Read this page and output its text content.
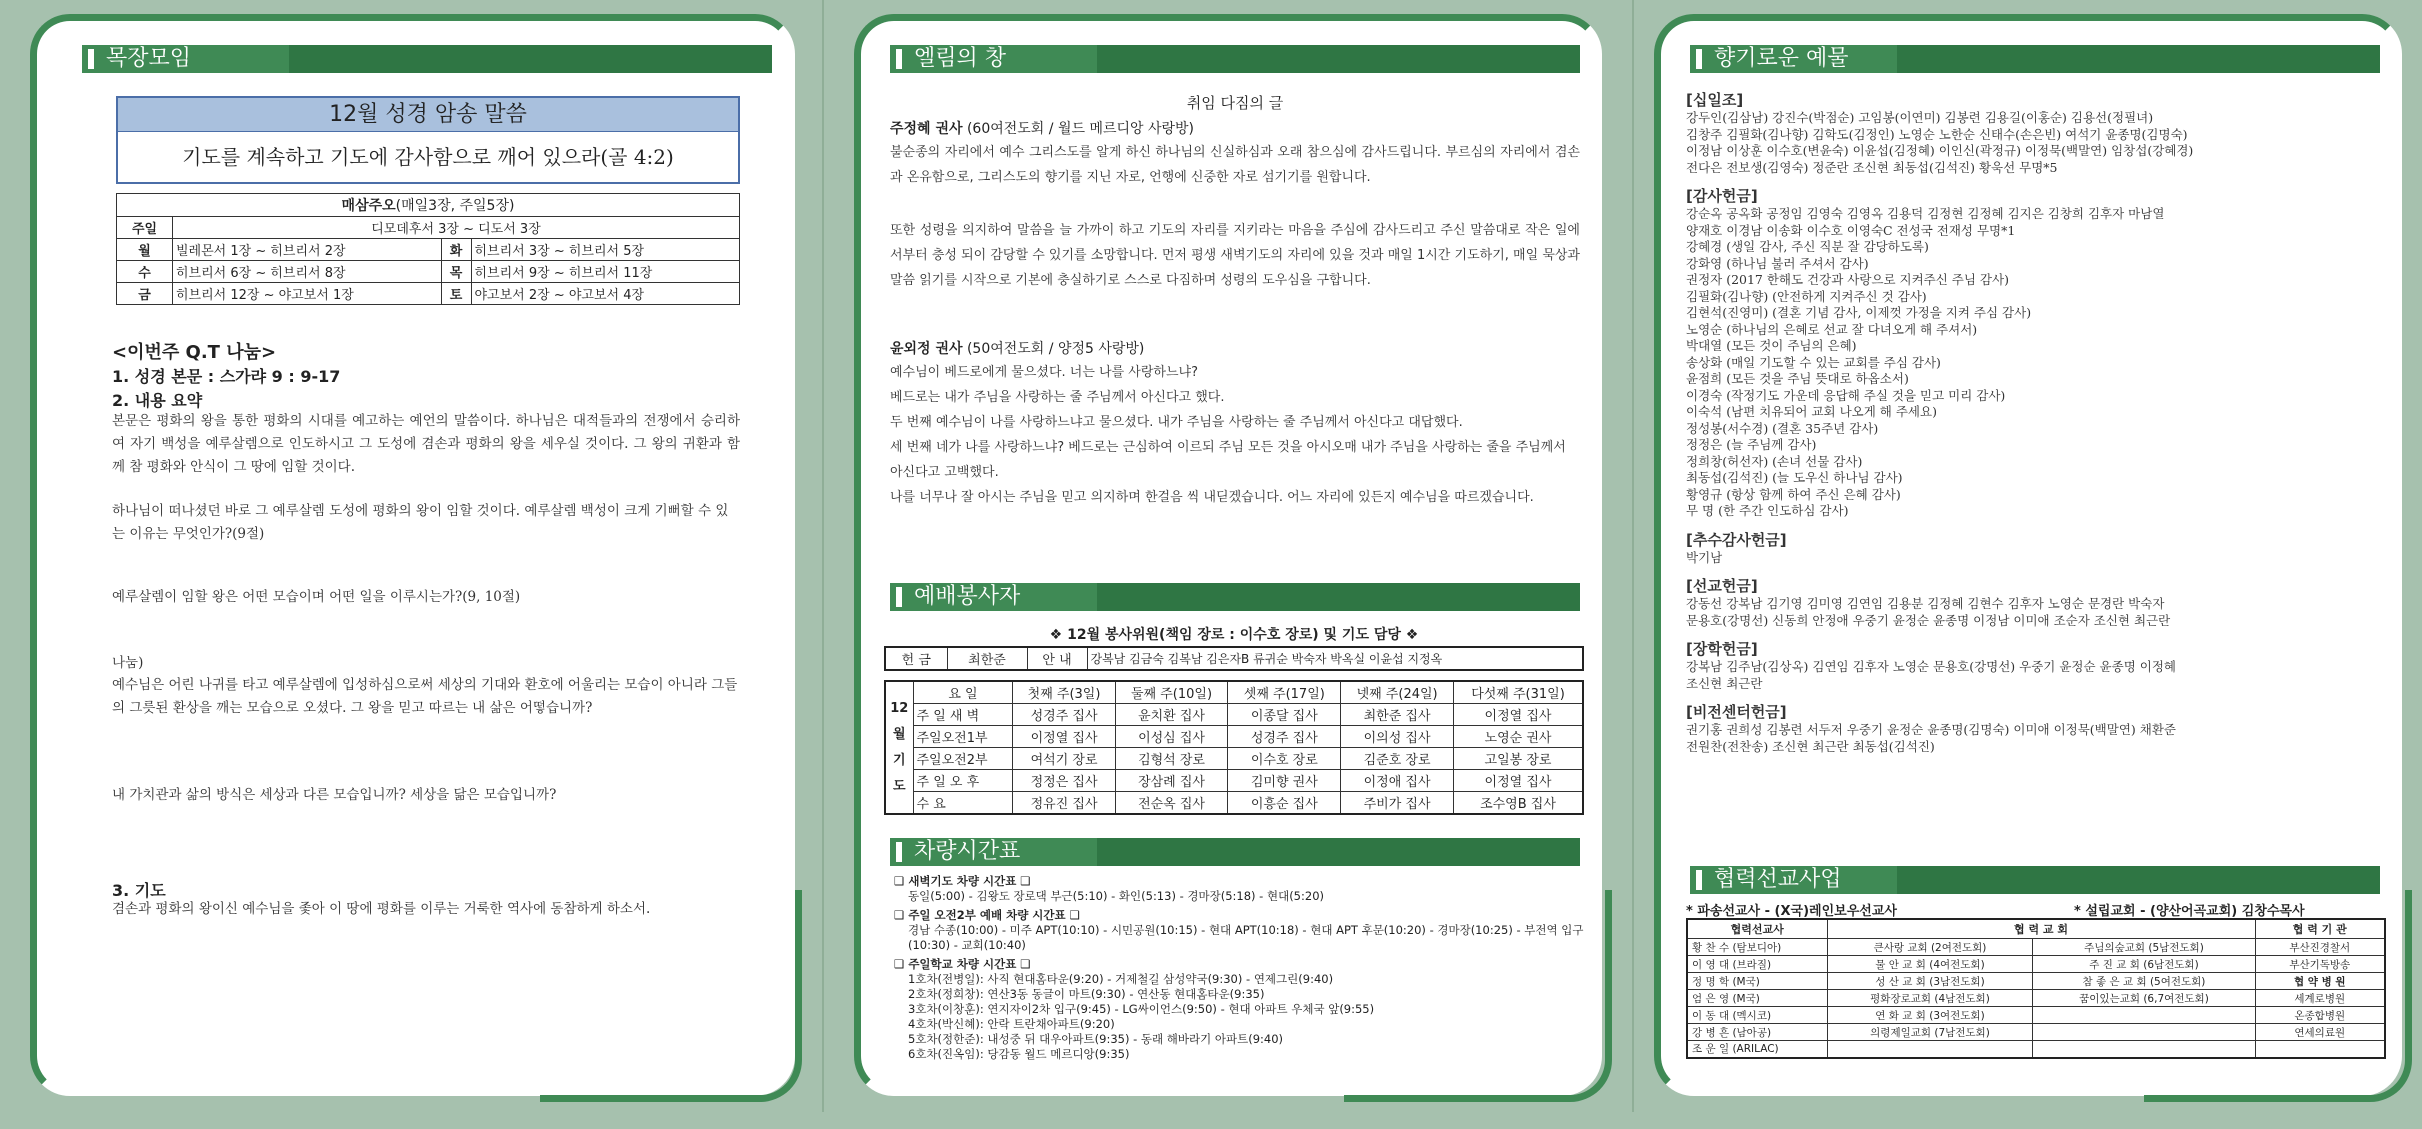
목장모임
12월 성경 암송 말씀
기도를 계속하고 기도에 감사함으로 깨어 있으라(골 4:2)
매삼주오(매일3장, 주일5장)			
주일	디모데후서 3장 ~ 디도서 3장		
월	빌레몬서 1장 ~ 히브리서 2장	화	히브리서 3장 ~ 히브리서 5장
수	히브리서 6장 ~ 히브리서 8장	목	히브리서 9장 ~ 히브리서 11장
금	히브리서 12장 ~ 야고보서 1장	토	야고보서 2장 ~ 야고보서 4장
<이번주 Q.T 나눔>
1. 성경 본문 : 스가랴 9 : 9-17
2. 내용 요약
본문은 평화의 왕을 통한 평화의 시대를 예고하는 예언의 말씀이다. 하나님은 대적들과의 전쟁에서 승리하여 자기 백성을 예루살렘으로 인도하시고 그 도성에 겸손과 평화의 왕을 세우실 것이다. 그 왕의 귀환과 함께 참 평화와 안식이 그 땅에 임할 것이다.
하나님이 떠나셨던 바로 그 예루살렘 도성에 평화의 왕이 임할 것이다. 예루살렘 백성이 크게 기뻐할 수 있는 이유는 무엇인가?(9절)
예루살렘이 임할 왕은 어떤 모습이며 어떤 일을 이루시는가?(9, 10절)
나눔)
예수님은 어린 나귀를 타고 예루살렘에 입성하심으로써 세상의 기대와 환호에 어울리는 모습이 아니라 그들의 그릇된 환상을 깨는 모습으로 오셨다. 그 왕을 믿고 따르는 내 삶은 어떻습니까?
내 가치관과 삶의 방식은 세상과 다른 모습입니까? 세상을 닮은 모습입니까?
3. 기도
겸손과 평화의 왕이신 예수님을 좇아 이 땅에 평화를 이루는 거룩한 역사에 동참하게 하소서.
엘림의 창
취임 다짐의 글
주정혜 권사 (60여전도회 / 월드 메르디앙 사랑방)
불순종의 자리에서 예수 그리스도를 알게 하신 하나님의 신실하심과 오래 참으심에 감사드립니다. 부르심의 자리에서 겸손과 온유함으로, 그리스도의 향기를 지닌 자로, 언행에 신중한 자로 섬기기를 원합니다.
또한 성령을 의지하여 말씀을 늘 가까이 하고 기도의 자리를 지키라는 마음을 주심에 감사드리고 주신 말씀대로 작은 일에서부터 충성 되이 감당할 수 있기를 소망합니다. 먼저 평생 새벽기도의 자리에 있을 것과 매일 1시간 기도하기, 매일 묵상과 말씀 읽기를 시작으로 기본에 충실하기로 스스로 다짐하며 성령의 도우심을 구합니다.
윤외정 권사 (50여전도회 / 양정5 사랑방)
예수님이 베드로에게 물으셨다. 너는 나를 사랑하느냐?
베드로는 내가 주님을 사랑하는 줄 주님께서 아신다고 했다.
두 번째 예수님이 나를 사랑하느냐고 물으셨다. 내가 주님을 사랑하는 줄 주님께서 아신다고 대답했다.
세 번째 네가 나를 사랑하느냐? 베드로는 근심하여 이르되 주님 모든 것을 아시오매 내가 주님을 사랑하는 줄을 주님께서 아신다고 고백했다.
나를 너무나 잘 아시는 주님을 믿고 의지하며 한걸음 씩 내딛겠습니다. 어느 자리에 있든지 예수님을 따르겠습니다.
예배봉사자
❖ 12월 봉사위원(책임 장로 : 이수호 장로) 및 기도 담당 ❖
헌 금	최한준	안 내	강복남 김금숙 김복남 김은자B 류귀순 박숙자 박옥실 이윤섭 지정옥
12
월
기
도	요 일	첫째 주(3일)	둘째 주(10일)	셋째 주(17일)	넷째 주(24일)	다섯째 주(31일)
	주 일 새 벽	성경주 집사	윤치환 집사	이종달 집사	최한준 집사	이정열 집사
	주일오전1부	이정열 집사	이성심 집사	성경주 집사	이의성 집사	노영순 권사
	주일오전2부	여석기 장로	김형석 장로	이수호 장로	김준호 장로	고일봉 장로
	주 일 오 후	정정은 집사	장삼례 집사	김미향 권사	이정애 집사	이정열 집사
	수 요	정유진 집사	전순옥 집사	이흥순 집사	주비가 집사	조수영B 집사
차량시간표
❑ 새벽기도 차량 시간표 ❑
동일(5:00) - 김왕도 장로댁 부근(5:10) - 화인(5:13) - 경마장(5:18) - 현대(5:20)
❑ 주일 오전2부 예배 차량 시간표 ❑
경남 수종(10:00) - 미주 APT(10:10) - 시민공원(10:15) - 현대 APT(10:18) - 현대 APT 후문(10:20) - 경마장(10:25) - 부전역 입구(10:30) - 교회(10:40)
❑ 주일학교 차량 시간표 ❑
1호차(전병일): 사직 현대홈타운(9:20) - 거제철길 삼성약국(9:30) - 연제그린(9:40)
2호차(정희창): 연산3동 동글이 마트(9:30) - 연산동 현대홈타운(9:35)
3호차(이창훈): 연지자이2차 입구(9:45) - LG싸이언스(9:50) - 현대 아파트 우체국 앞(9:55)
4호차(박신혜): 안락 트란채아파트(9:20)
5호차(정한준): 내성중 뒤 대우아파트(9:35) - 동래 해바라기 아파트(9:40)
6호차(진옥임): 당감동 월드 메르디앙(9:35)
향기로운 예물
[십일조]
강두인(김삼남) 강진수(박점순) 고임봉(이연미) 김봉련 김용길(이홍순) 김용선(정필녀)
김창주 김필화(김나향) 김학도(김정인) 노영순 노한순 신태수(손은빈) 여석기 윤종명(김명숙)
이정남 이상훈 이수호(변윤숙) 이윤섭(김정혜) 이인신(곽정규) 이정묵(백말연) 임창섭(강혜경)
전다은 전보생(김영숙) 정준란 조신현 최동섭(김석진) 황욱선 무명*5
[감사헌금]
강순옥 공옥화 공정임 김영숙 김영옥 김용덕 김정현 김정혜 김지은 김창희 김후자 마남열
양재호 이경남 이송화 이수호 이영숙C 전성국 전재성 무명*1
강혜경 (생일 감사, 주신 직분 잘 감당하도록)
강화영 (하나님 불러 주셔서 감사)
권정자 (2017 한해도 건강과 사랑으로 지켜주신 주님 감사)
김필화(김나향) (안전하게 지켜주신 것 감사)
김현석(진영미) (결혼 기념 감사, 이제껏 가정을 지켜 주심 감사)
노영순 (하나님의 은혜로 선교 잘 다녀오게 해 주셔서)
박대열 (모든 것이 주님의 은혜)
송상화 (매일 기도할 수 있는 교회를 주심 감사)
윤점희 (모든 것을 주님 뜻대로 하옵소서)
이경숙 (작정기도 가운데 응답해 주실 것을 믿고 미리 감사)
이숙석 (남편 치유되어 교회 나오게 해 주세요)
정성봉(서수경) (결혼 35주년 감사)
정정은 (늘 주님께 감사)
정희창(허선자) (손녀 선물 감사)
최동섭(김석진) (늘 도우신 하나님 감사)
황영규 (항상 함께 하여 주신 은혜 감사)
무 명 (한 주간 인도하심 감사)
[추수감사헌금]
박기남
[선교헌금]
강동선 강복남 김기영 김미영 김연임 김용분 김정혜 김현수 김후자 노영순 문경란 박숙자
문용호(강명선) 신동희 안정애 우중기 윤정순 윤종명 이정남 이미애 조순자 조신현 최근란
[장학헌금]
강복남 김주남(김상옥) 김연임 김후자 노영순 문용호(강명선) 우중기 윤정순 윤종명 이정혜
조신현 최근란
[비전센터헌금]
권기홍 권희성 김봉련 서두저 우중기 윤정순 윤종명(김명숙) 이미애 이정묵(백말연) 채환준
전원찬(전찬송) 조신현 최근란 최동섭(김석진)
협력선교사업
* 파송선교사 - (X국)레인보우선교사	* 설립교회 - (양산어곡교회) 김창수목사
협력선교사	협 력 교 회		협 력 기 관
황 찬 수 (탐보디아)	큰사랑 교회 (2여전도회)	주님의숲교회 (5남전도회)	부산진경찰서
이 영 대 (브라질)	물 안 교 회 (4여전도회)	주 진 교 회 (6남전도회)	부산기독방송
정 명 학 (M국)	성 산 교 회 (3남전도회)	참 좋 은 교 회 (5여전도회)	협 약 병 원
엄 은 영 (M국)	평화장로교회 (4남전도회)	꿈이있는교회 (6,7여전도회)	세계로병원
이 동 대 (멕시코)	연 화 교 회 (3여전도회)		온종합병원
강 병 흔 (남아공)	의령제일교회 (7남전도회)		연세의료원
조 운 일 (ARILAC)			
